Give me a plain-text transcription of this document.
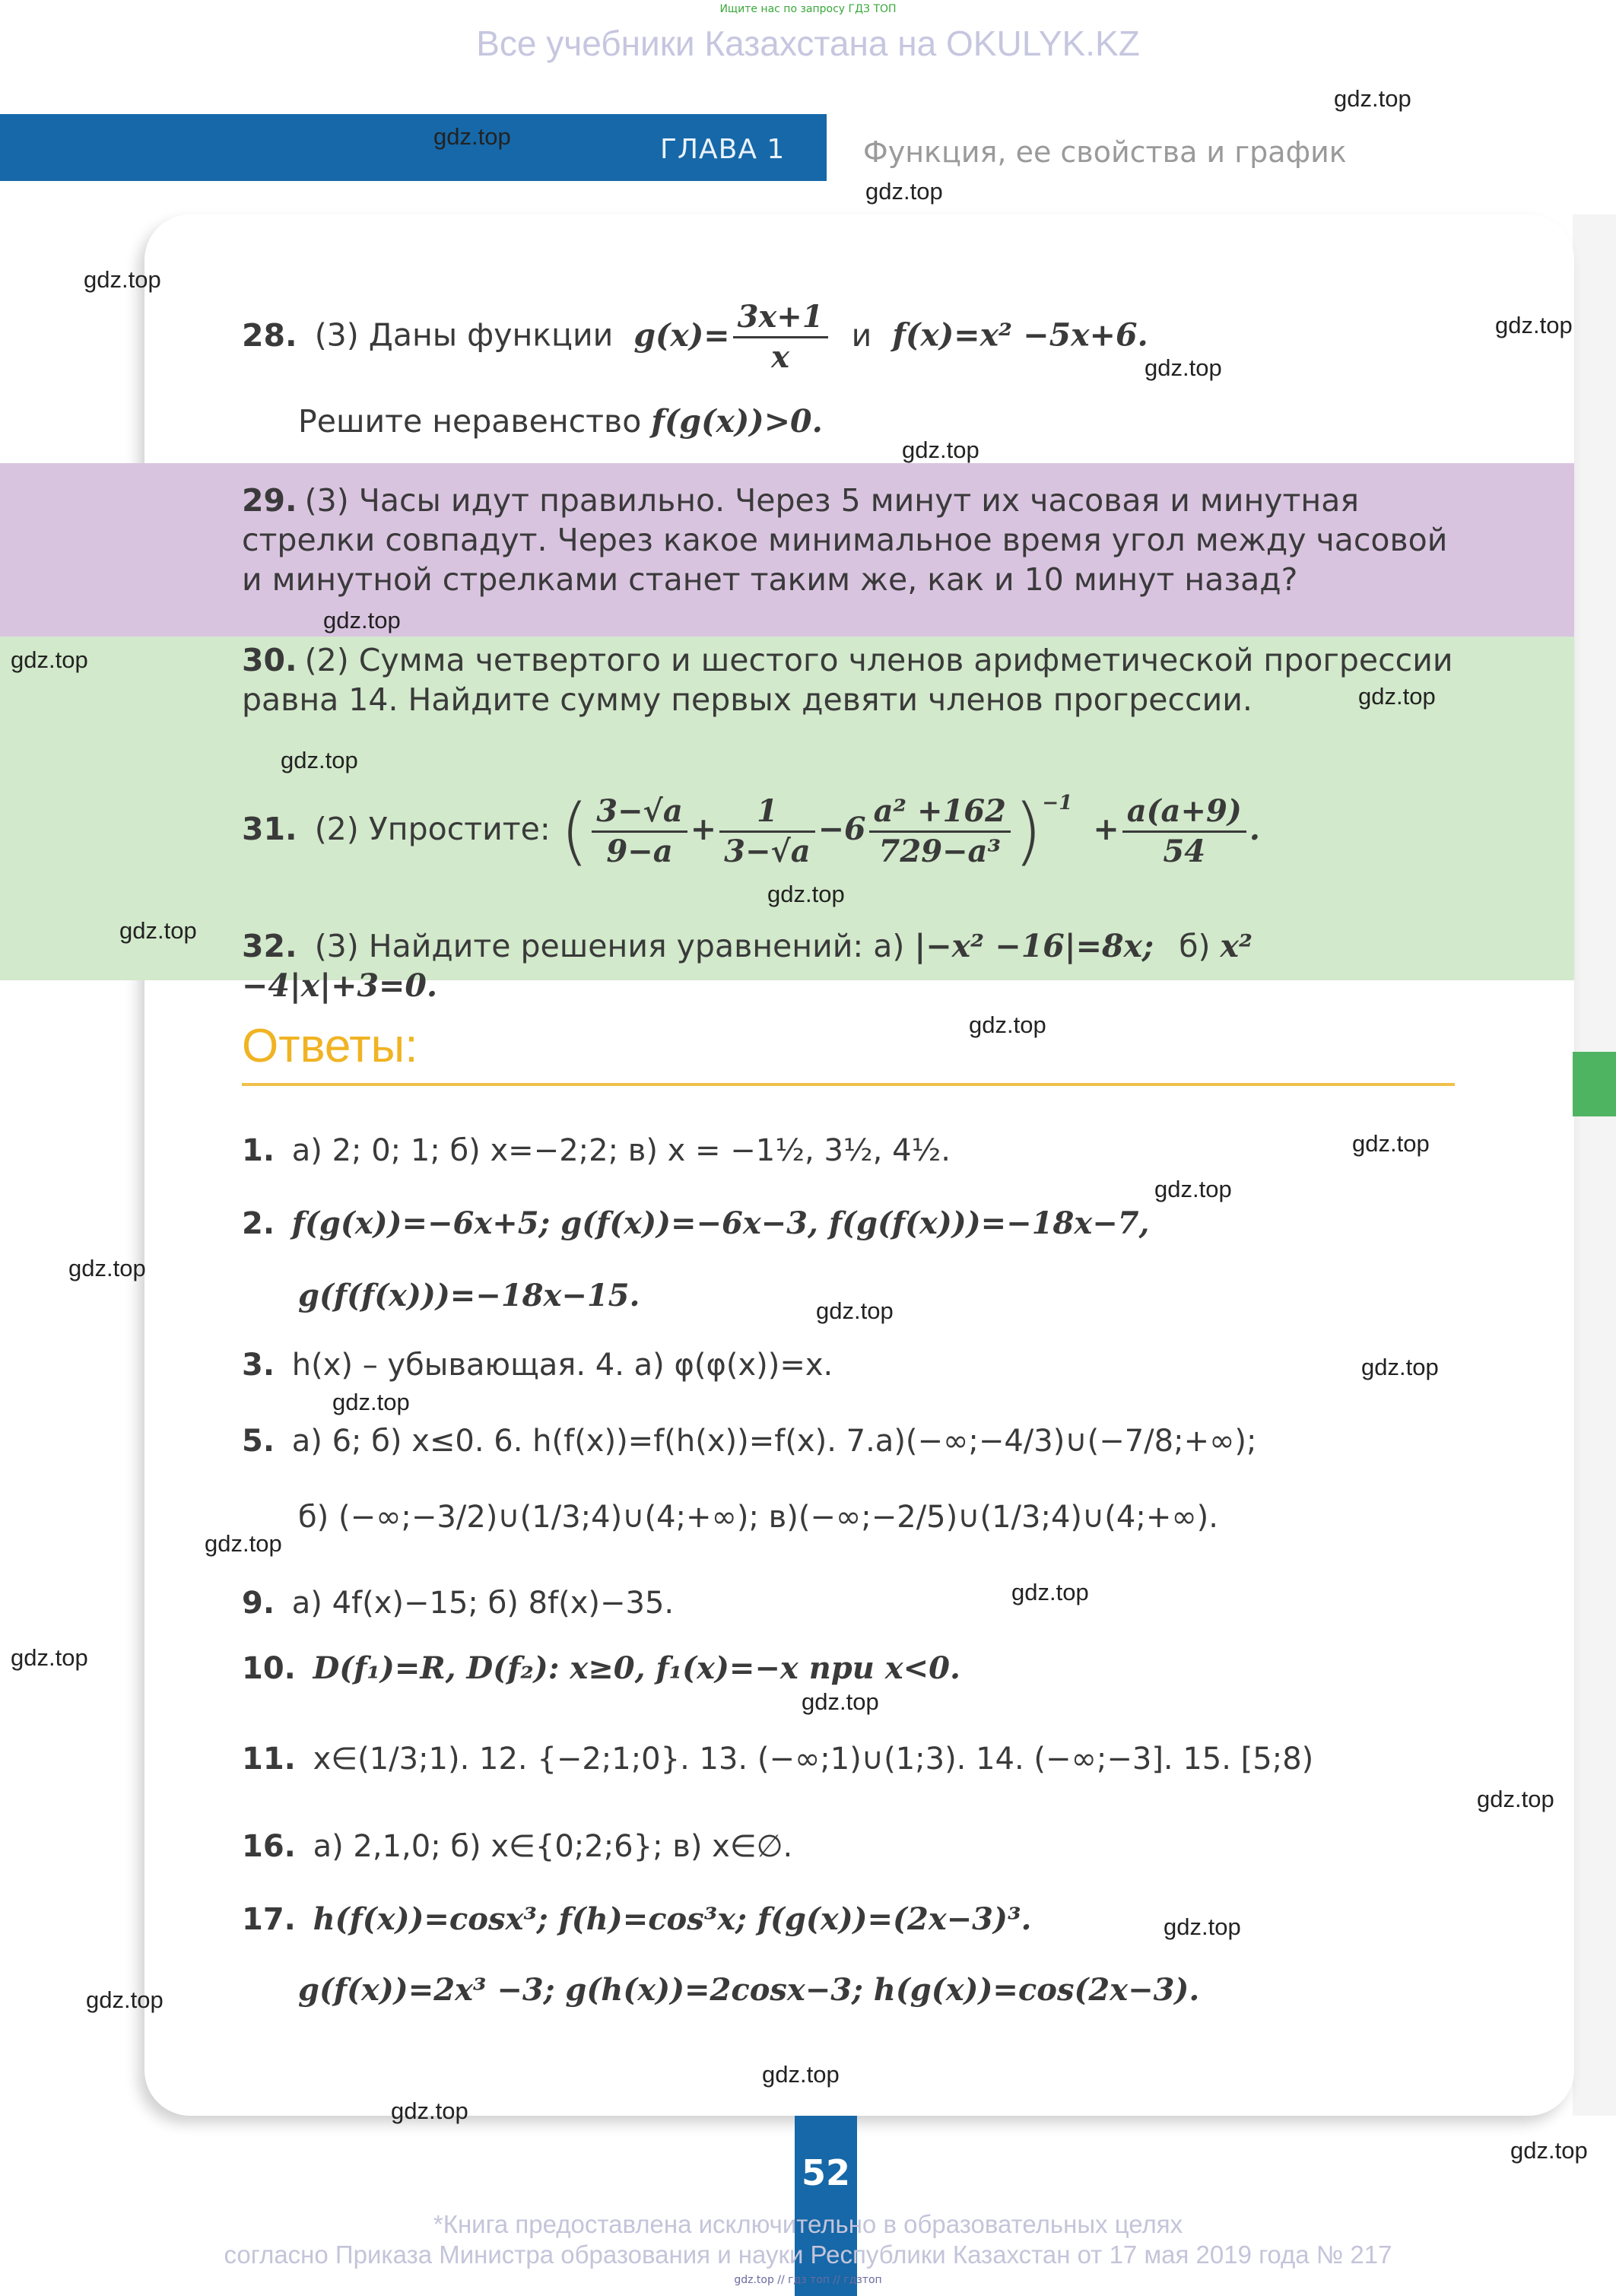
Ищите нас по запросу ГДЗ ТОП
Все учебники Казахстана на OKULYK.KZ
ГЛАВА 1	Функция, ее свойства и график
28. (3) Даны функции $g(x)= \frac{3x+1}{x}$ и f(x)=x² −5x+6.
Решите неравенство f(g(x))>0.
29. (3) Часы идут правильно. Через 5 минут их часовая и минутная стрелки совпадут. Через какое минимальное время угол между часовой и минутной стрелками станет таким же, как и 10 минут назад?
30. (2) Сумма четвертого и шестого членов арифметической прогрессии равна 14. Найдите сумму первых девяти членов прогрессии.
31. (2) Упростите: ( $\frac{3-√a}{9-a} + \frac{1}{3-√a} -6 \frac{\text{a² +162}}{\text{729−a³}} )^{-1} + \frac{a(a+9)}{54}$ .
32. (3) Найдите решения уравнений: а) |−x² −16|=8x; б) x² −4|x|+3=0.
Ответы:
1. а) 2; 0; 1; б) x=−2;2; в) x = −1½, 3½, 4½.
2. f(g(x))=−6x+5; g(f(x))=−6x−3, f(g(f(x)))=−18x−7,
g(f(f(x)))=−18x−15.
3. h(x) – убывающая. 4. а) φ(φ(x))=x.
5. а) 6; б) x≤0. 6. h(f(x))=f(h(x))=f(x). 7.а)(−∞;−4/3)∪(−7/8;+∞);
б) (−∞;−3/2)∪(1/3;4)∪(4;+∞); в)(−∞;−2/5)∪(1/3;4)∪(4;+∞).
9. а) 4f(x)−15; б) 8f(x)−35.
10. D(f₁)=R, D(f₂): x≥0, f₁(x)=−x при x<0.
11. x∈(1/3;1). 12. {−2;1;0}. 13. (−∞;1)∪(1;3). 14. (−∞;−3]. 15. [5;8)
16. а) 2,1,0; б) x∈{0;2;6}; в) x∈∅.
17. h(f(x))=cosx³; f(h)=cos³x; f(g(x))=(2x−3)³.
g(f(x))=2x³ −3; g(h(x))=2cosx−3; h(g(x))=cos(2x−3).
52
*Книга предоставлена исключительно в образовательных целях
согласно Приказа Министра образования и науки Республики Казахстан от 17 мая 2019 года № 217
gdz.top // гдз топ // гдзтоп
gdz.top
gdz.top
gdz.top
gdz.top
gdz.top
gdz.top
gdz.top
gdz.top
gdz.top
gdz.top
gdz.top
gdz.top
gdz.top
gdz.top
gdz.top
gdz.top
gdz.top
gdz.top
gdz.top
gdz.top
gdz.top
gdz.top
gdz.top
gdz.top
gdz.top
gdz.top
gdz.top
gdz.top
gdz.top
gdz.top
